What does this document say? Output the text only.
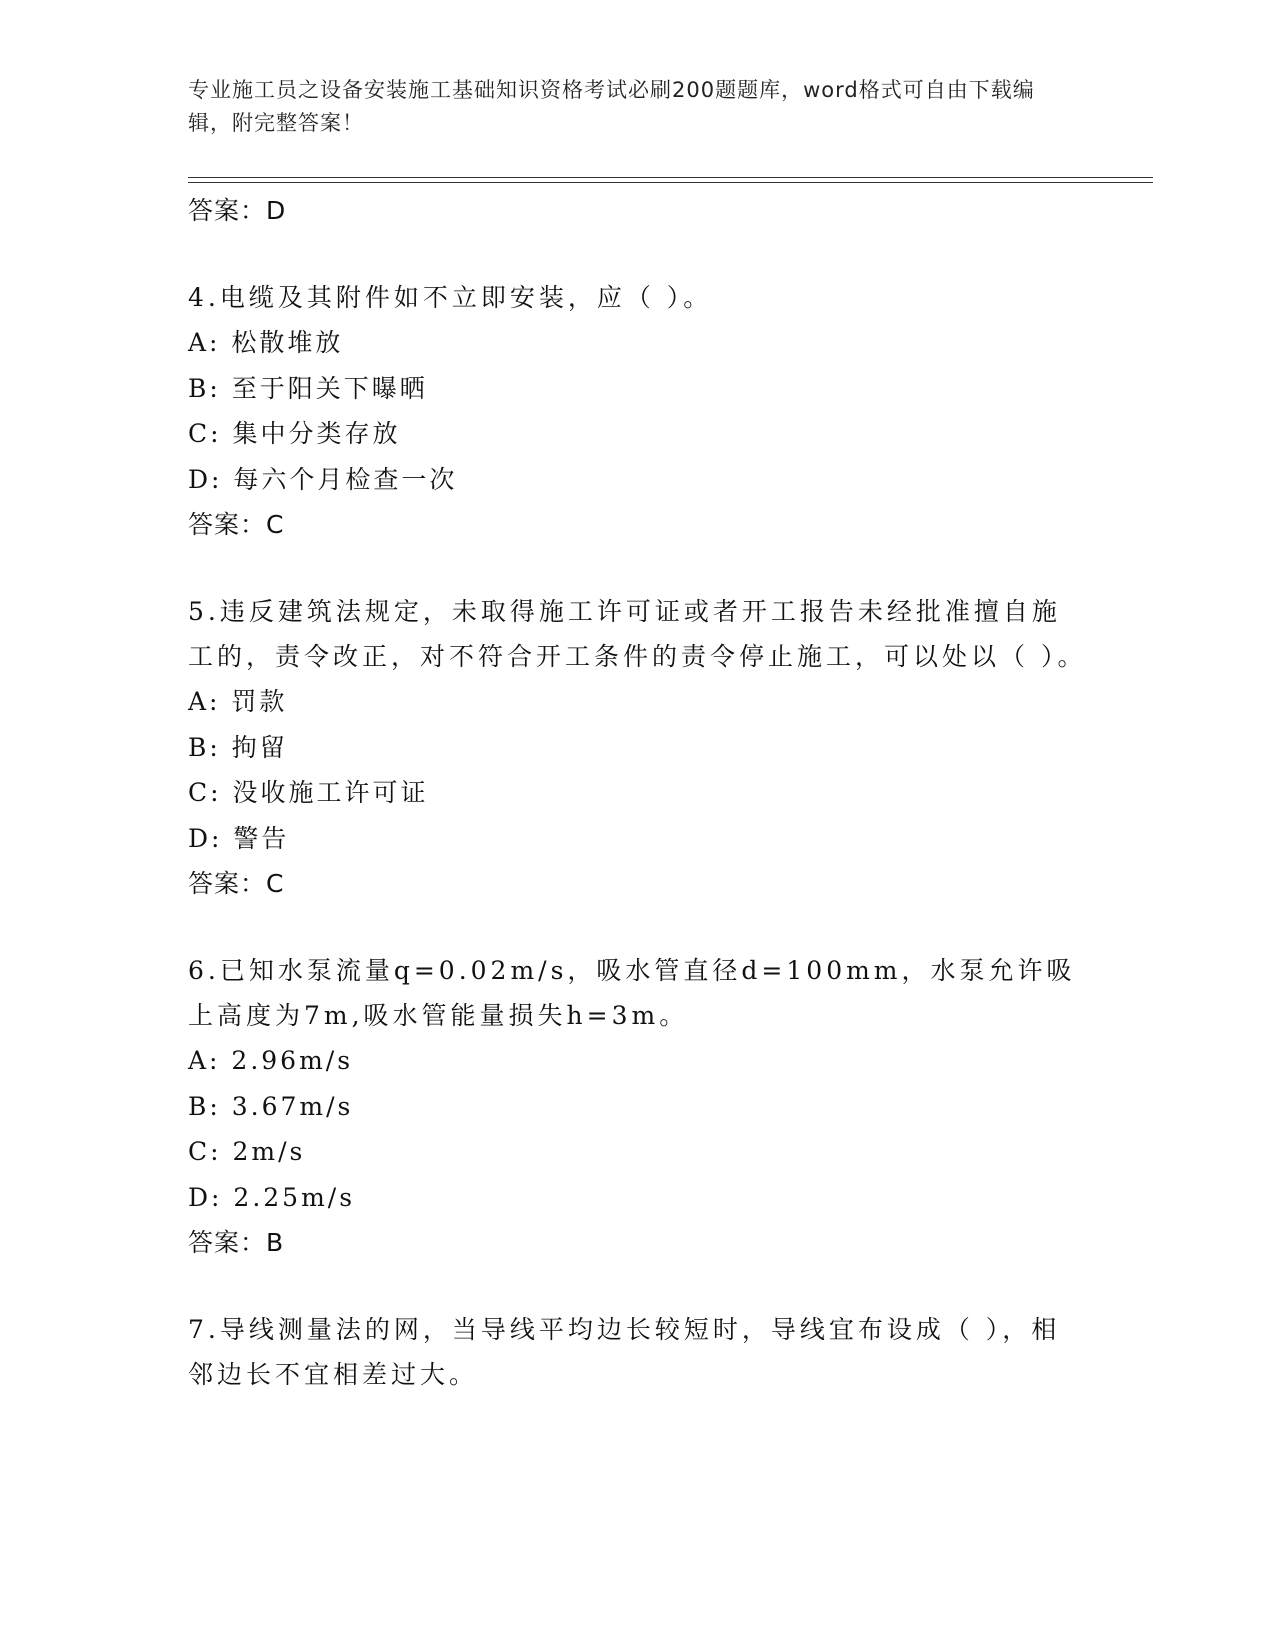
专业施工员之设备安装施工基础知识资格考试必刷200题题库，word格式可自由下载编辑，附完整答案！
答案：D
4.电缆及其附件如不立即安装，应（ ）。
A: 松散堆放
B: 至于阳关下曝晒
C: 集中分类存放
D: 每六个月检查一次
答案：C
5.违反建筑法规定，未取得施工许可证或者开工报告未经批准擅自施工的，责令改正，对不符合开工条件的责令停止施工，可以处以（ ）。
A: 罚款
B: 拘留
C: 没收施工许可证
D: 警告
答案：C
6.已知水泵流量q=0.02m/s，吸水管直径d=100mm，水泵允许吸上高度为7m,吸水管能量损失h=3m。
A: 2.96m/s
B: 3.67m/s
C: 2m/s
D: 2.25m/s
答案：B
7.导线测量法的网，当导线平均边长较短时，导线宜布设成（ ），相邻边长不宜相差过大。
